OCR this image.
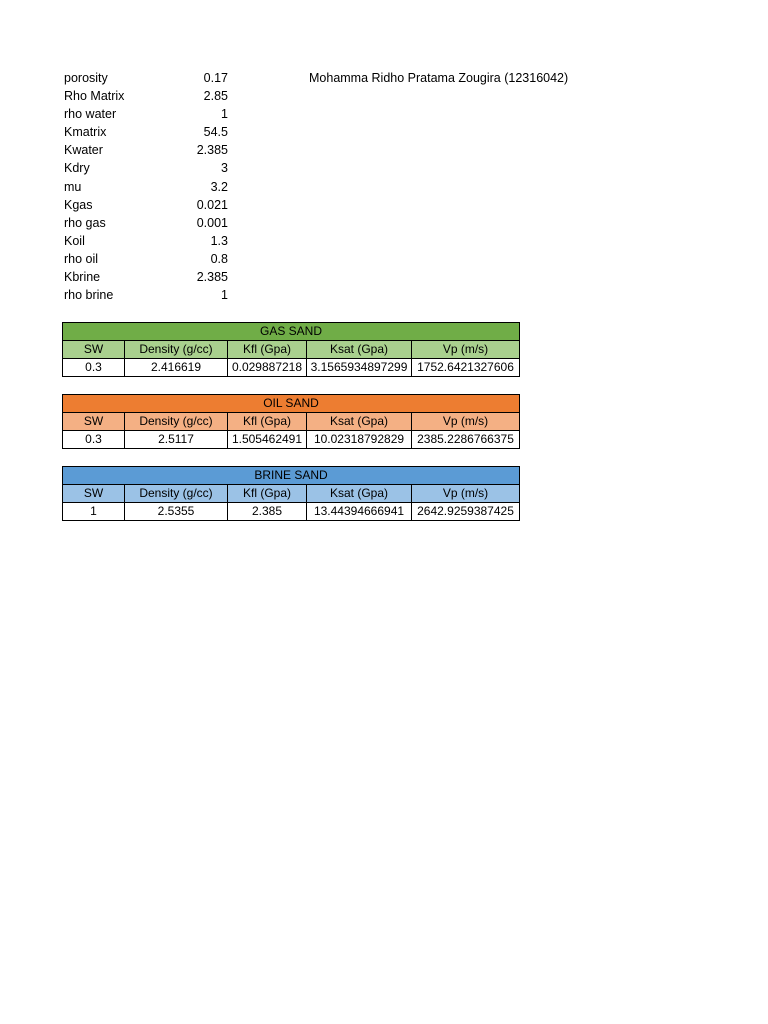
porosity	0.17
Rho Matrix	2.85
rho water	1
Kmatrix	54.5
Kwater	2.385
Kdry	3
mu	3.2
Kgas	0.021
rho gas	0.001
Koil	1.3
rho oil	0.8
Kbrine	2.385
rho brine	1
Mohamma Ridho Pratama Zougira (12316042)
GAS SAND				
SW	Density (g/cc)	Kfl (Gpa)	Ksat (Gpa)	Vp (m/s)
0.3	2.416619	0.029887218	3.1565934897299	1752.6421327606
OIL SAND				
SW	Density (g/cc)	Kfl (Gpa)	Ksat (Gpa)	Vp (m/s)
0.3	2.5117	1.505462491	10.02318792829	2385.2286766375
BRINE SAND				
SW	Density (g/cc)	Kfl (Gpa)	Ksat (Gpa)	Vp (m/s)
1	2.5355	2.385	13.44394666941	2642.9259387425
